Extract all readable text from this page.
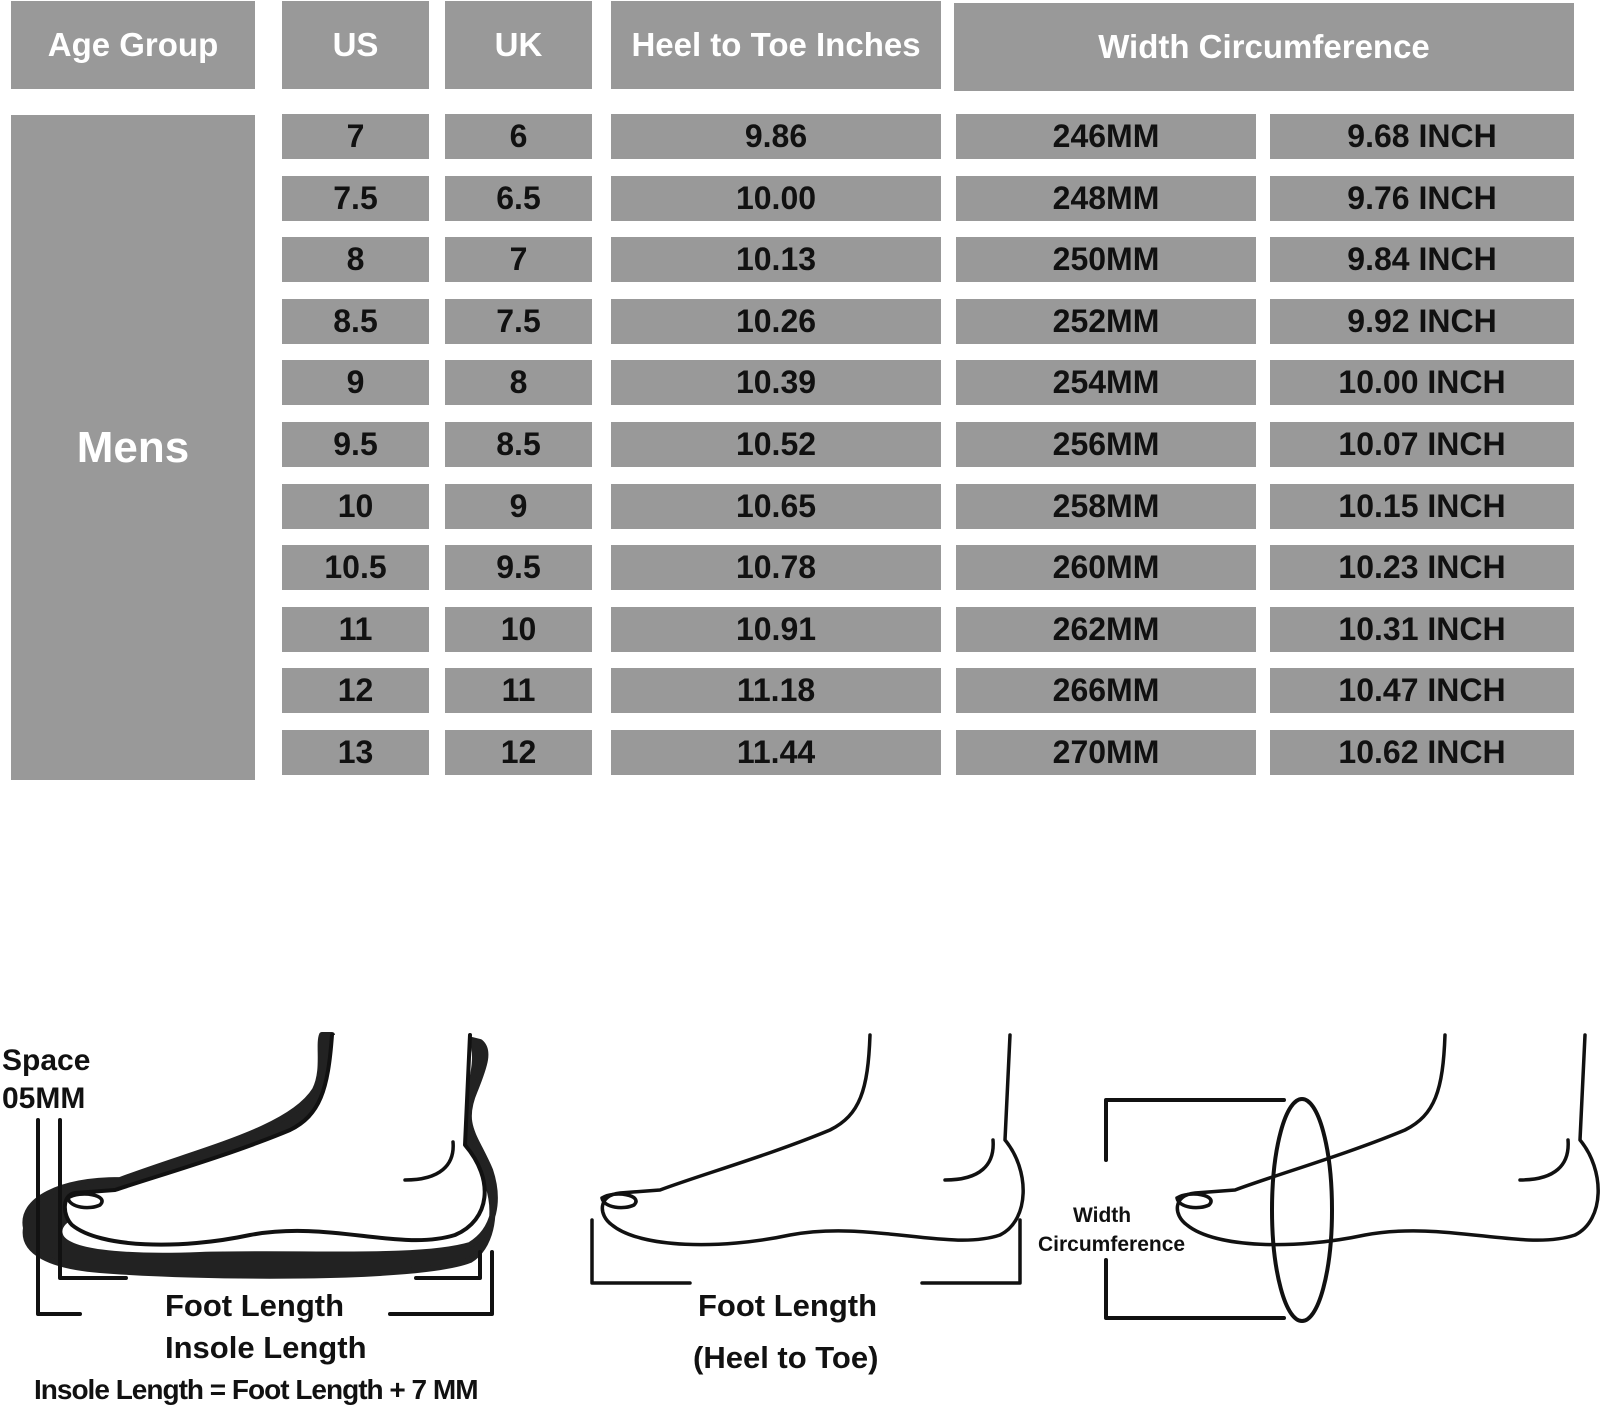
Age Group	US	UK	Heel to Toe Inches	Width Circumference
Mens
7	6	9.86	246MM	9.68 INCH
7.5	6.5	10.00	248MM	9.76 INCH
8	7	10.13	250MM	9.84 INCH
8.5	7.5	10.26	252MM	9.92 INCH
9	8	10.39	254MM	10.00 INCH
9.5	8.5	10.52	256MM	10.07 INCH
10	9	10.65	258MM	10.15 INCH
10.5	9.5	10.78	260MM	10.23 INCH
11	10	10.91	262MM	10.31 INCH
12	11	11.18	266MM	10.47 INCH
13	12	11.44	270MM	10.62 INCH
Space
05MM
Foot Length
Insole Length
Insole Length = Foot Length + 7 MM
Foot Length
(Heel to Toe)
Width
Circumference
